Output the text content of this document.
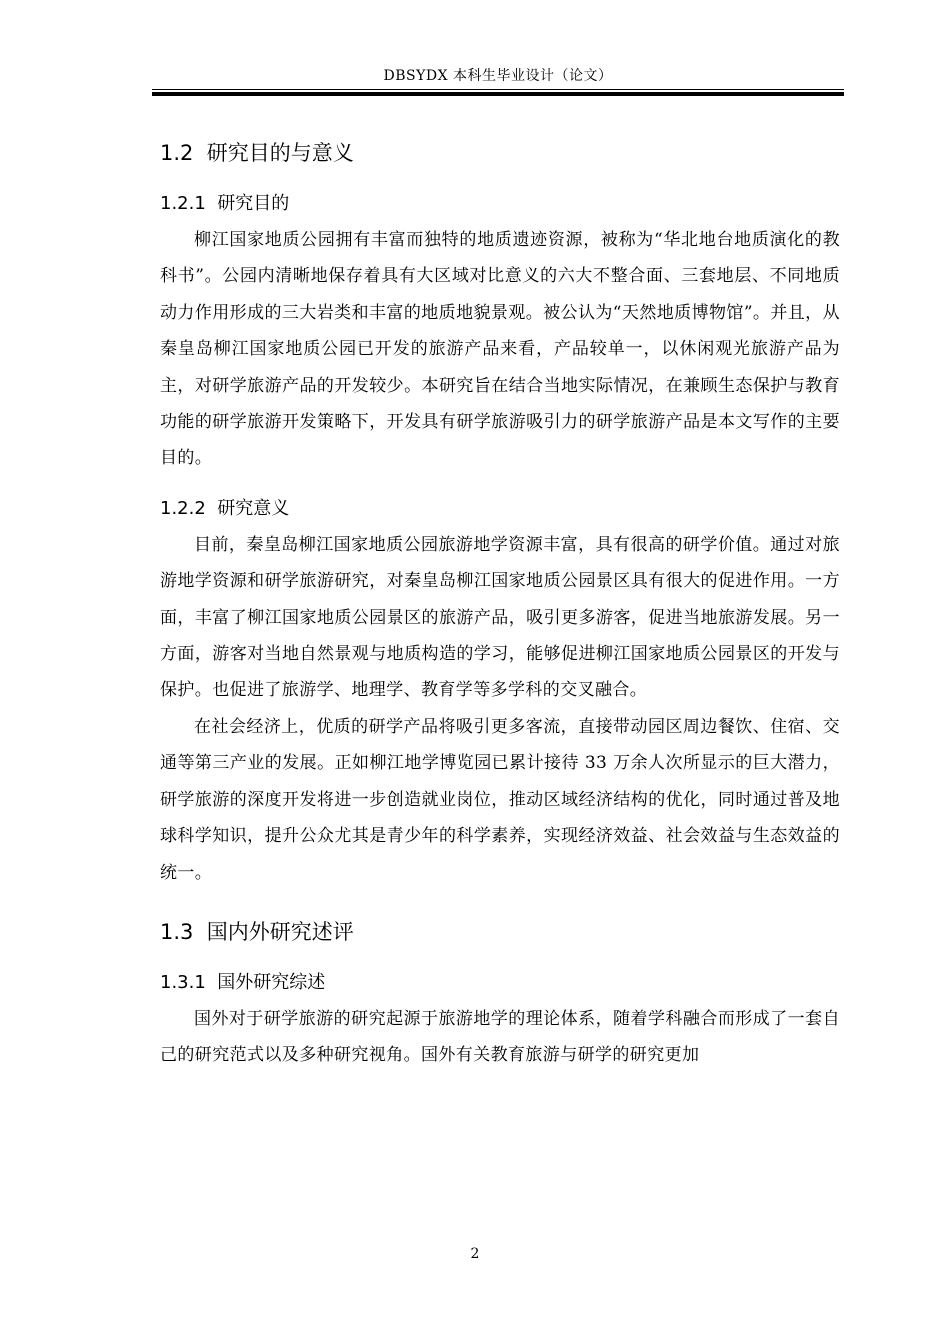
DBSYDX 本科生毕业设计（论文）
1.2  研究目的与意义
1.2.1  研究目的

柳江国家地质公园拥有丰富而独特的地质遗迹资源，被称为“华北地台地质演化的教科书”。公园内清晰地保存着具有大区域对比意义的六大不整合面、三套地层、不同地质动力作用形成的三大岩类和丰富的地质地貌景观。被公认为“天然地质博物馆”。并且，从秦皇岛柳江国家地质公园已开发的旅游产品来看，产品较单一，以休闲观光旅游产品为主，对研学旅游产品的开发较少。本研究旨在结合当地实际情况，在兼顾生态保护与教育功能的研学旅游开发策略下，开发具有研学旅游吸引力的研学旅游产品是本文写作的主要目的。

1.2.2  研究意义

目前，秦皇岛柳江国家地质公园旅游地学资源丰富，具有很高的研学价值。通过对旅游地学资源和研学旅游研究，对秦皇岛柳江国家地质公园景区具有很大的促进作用。一方面，丰富了柳江国家地质公园景区的旅游产品，吸引更多游客，促进当地旅游发展。另一方面，游客对当地自然景观与地质构造的学习，能够促进柳江国家地质公园景区的开发与保护。也促进了旅游学、地理学、教育学等多学科的交叉融合。

在社会经济上，优质的研学产品将吸引更多客流，直接带动园区周边餐饮、住宿、交通等第三产业的发展。正如柳江地学博览园已累计接待 33 万余人次所显示的巨大潜力，研学旅游的深度开发将进一步创造就业岗位，推动区域经济结构的优化，同时通过普及地球科学知识，提升公众尤其是青少年的科学素养，实现经济效益、社会效益与生态效益的统一。

1.3  国内外研究述评
1.3.1  国外研究综述

国外对于研学旅游的研究起源于旅游地学的理论体系，随着学科融合而形成了一套自己的研究范式以及多种研究视角。国外有关教育旅游与研学的研究更加

2
